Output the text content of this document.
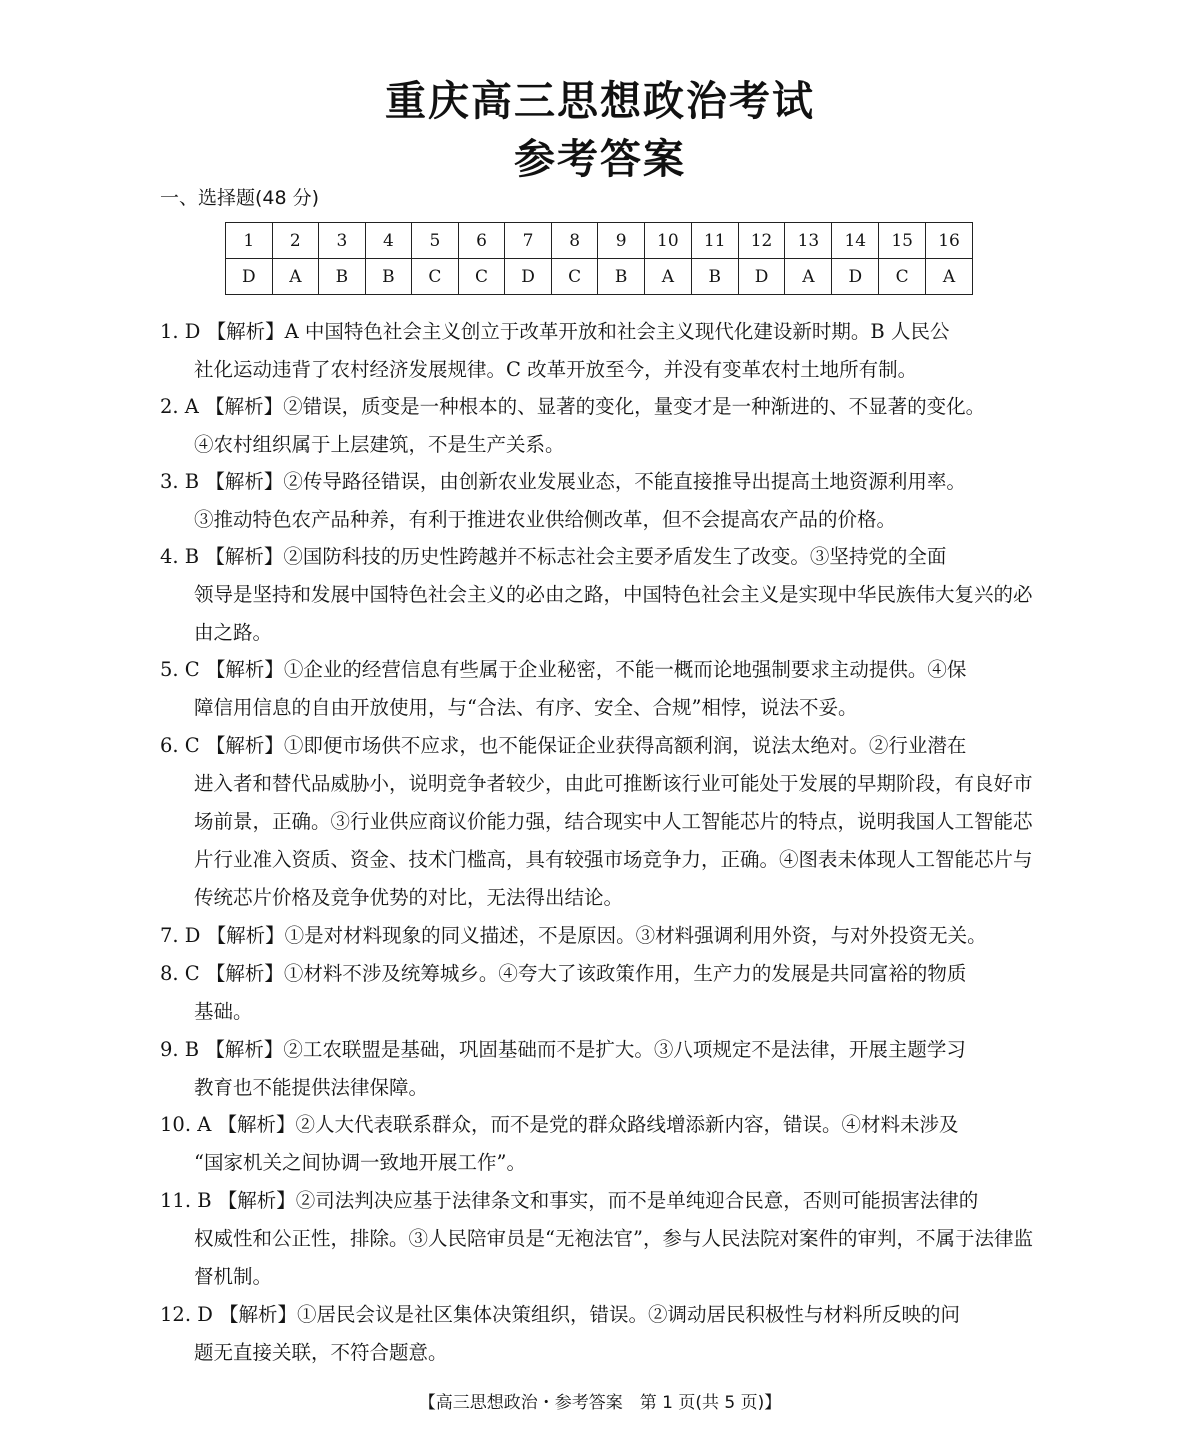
重庆高三思想政治考试
参考答案
一、选择题(48 分)
1	2	3	4	5	6	7	8	9	10	11	12	13	14	15	16
D	A	B	B	C	C	D	C	B	A	B	D	A	D	C	A
1. D 【解析】A 中国特色社会主义创立于改革开放和社会主义现代化建设新时期。B 人民公
社化运动违背了农村经济发展规律。C 改革开放至今，并没有变革农村土地所有制。
2. A 【解析】②错误，质变是一种根本的、显著的变化，量变才是一种渐进的、不显著的变化。
④农村组织属于上层建筑，不是生产关系。
3. B 【解析】②传导路径错误，由创新农业发展业态，不能直接推导出提高土地资源利用率。
③推动特色农产品种养，有利于推进农业供给侧改革，但不会提高农产品的价格。
4. B 【解析】②国防科技的历史性跨越并不标志社会主要矛盾发生了改变。③坚持党的全面
领导是坚持和发展中国特色社会主义的必由之路，中国特色社会主义是实现中华民族伟大复兴的必由之路。
5. C 【解析】①企业的经营信息有些属于企业秘密，不能一概而论地强制要求主动提供。④保
障信用信息的自由开放使用，与“合法、有序、安全、合规”相悖，说法不妥。
6. C 【解析】①即便市场供不应求，也不能保证企业获得高额利润，说法太绝对。②行业潜在
进入者和替代品威胁小，说明竞争者较少，由此可推断该行业可能处于发展的早期阶段，有良好市场前景，正确。③行业供应商议价能力强，结合现实中人工智能芯片的特点，说明我国人工智能芯片行业准入资质、资金、技术门槛高，具有较强市场竞争力，正确。④图表未体现人工智能芯片与传统芯片价格及竞争优势的对比，无法得出结论。
7. D 【解析】①是对材料现象的同义描述，不是原因。③材料强调利用外资，与对外投资无关。
8. C 【解析】①材料不涉及统筹城乡。④夸大了该政策作用，生产力的发展是共同富裕的物质
基础。
9. B 【解析】②工农联盟是基础，巩固基础而不是扩大。③八项规定不是法律，开展主题学习
教育也不能提供法律保障。
10. A 【解析】②人大代表联系群众，而不是党的群众路线增添新内容，错误。④材料未涉及
“国家机关之间协调一致地开展工作”。
11. B 【解析】②司法判决应基于法律条文和事实，而不是单纯迎合民意，否则可能损害法律的
权威性和公正性，排除。③人民陪审员是“无袍法官”，参与人民法院对案件的审判，不属于法律监督机制。
12. D 【解析】①居民会议是社区集体决策组织，错误。②调动居民积极性与材料所反映的问
题无直接关联，不符合题意。
【高三思想政治・参考答案　第 1 页(共 5 页)】
